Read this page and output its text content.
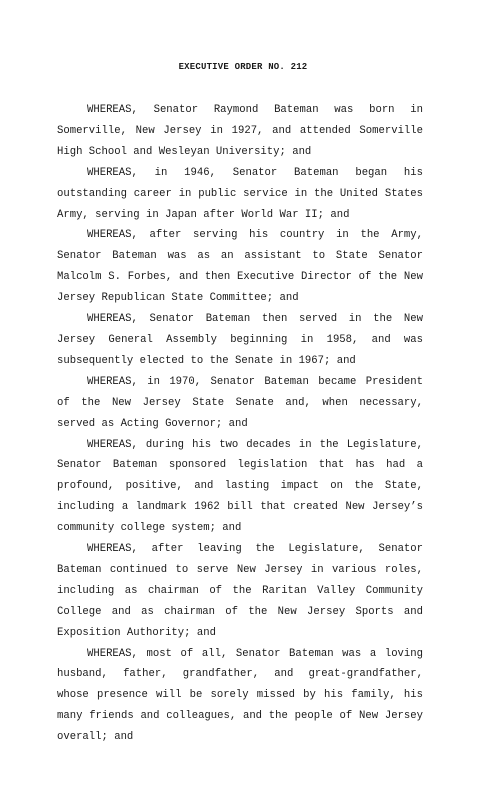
EXECUTIVE ORDER NO. 212

WHEREAS, Senator Raymond Bateman was born in Somerville, New Jersey in 1927, and attended Somerville High School and Wesleyan University; and

WHEREAS, in 1946, Senator Bateman began his outstanding career in public service in the United States Army, serving in Japan after World War II; and

WHEREAS, after serving his country in the Army, Senator Bateman was as an assistant to State Senator Malcolm S. Forbes, and then Executive Director of the New Jersey Republican State Committee; and

WHEREAS, Senator Bateman then served in the New Jersey General Assembly beginning in 1958, and was subsequently elected to the Senate in 1967; and

WHEREAS, in 1970, Senator Bateman became President of the New Jersey State Senate and, when necessary, served as Acting Governor; and

WHEREAS, during his two decades in the Legislature, Senator Bateman sponsored legislation that has had a profound, positive, and lasting impact on the State, including a landmark 1962 bill that created New Jersey’s community college system; and

WHEREAS, after leaving the Legislature, Senator Bateman continued to serve New Jersey in various roles, including as chairman of the Raritan Valley Community College and as chairman of the New Jersey Sports and Exposition Authority; and

WHEREAS, most of all, Senator Bateman was a loving husband, father, grandfather, and great-grandfather, whose presence will be sorely missed by his family, his many friends and colleagues, and the people of New Jersey overall; and
